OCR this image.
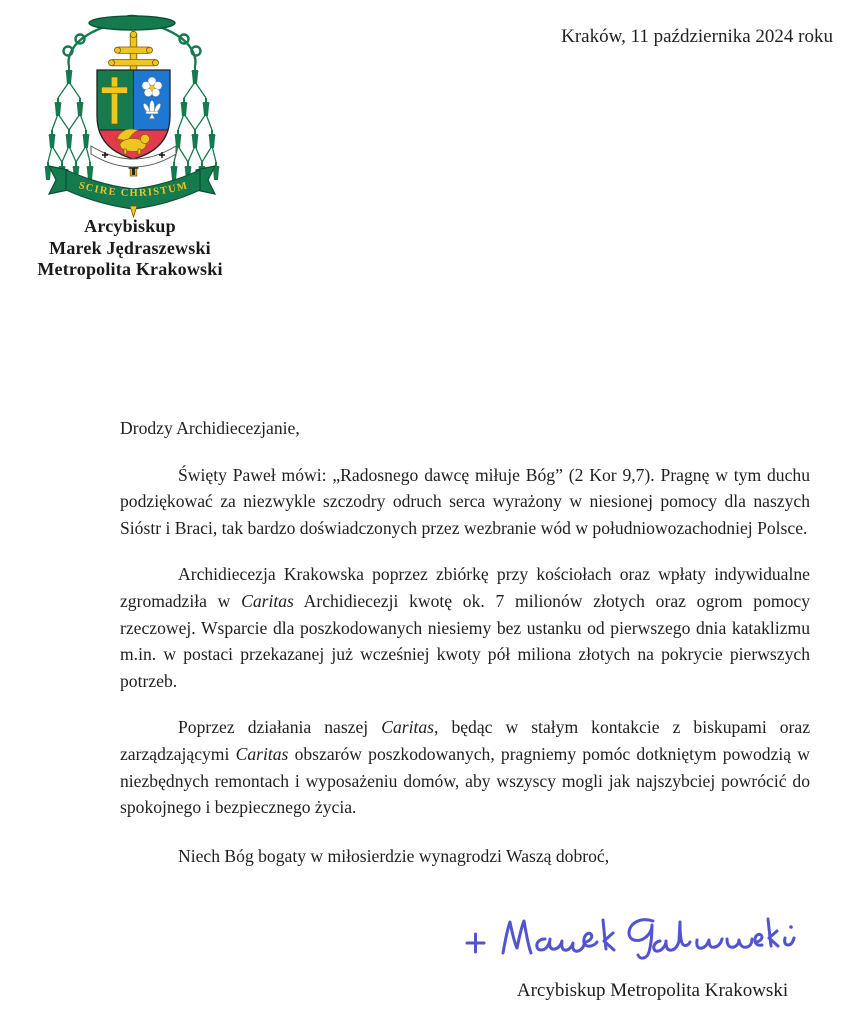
SCIRE CHRISTUM
Arcybiskup
Marek Jędraszewski
Metropolita Krakowski
Kraków, 11 października 2024 roku

Drodzy Archidiecezjanie,

Święty Paweł mówi: „Radosnego dawcę miłuje Bóg” (2 Kor 9,7). Pragnę w tym duchu podziękować za niezwykle szczodry odruch serca wyrażony w niesionej pomocy dla naszych Sióstr i Braci, tak bardzo doświadczonych przez wezbranie wód w południowozachodniej Polsce.

Archidiecezja Krakowska poprzez zbiórkę przy kościołach oraz wpłaty indywidualne zgromadziła w Caritas Archidiecezji kwotę ok. 7 milionów złotych oraz ogrom pomocy rzeczowej. Wsparcie dla poszkodowanych niesiemy bez ustanku od pierwszego dnia kataklizmu m.in. w postaci przekazanej już wcześniej kwoty pół miliona złotych na pokrycie pierwszych potrzeb.

Poprzez działania naszej Caritas, będąc w stałym kontakcie z biskupami oraz zarządzającymi Caritas obszarów poszkodowanych, pragniemy pomóc dotkniętym powodzią w niezbędnych remontach i wyposażeniu domów, aby wszyscy mogli jak najszybciej powrócić do spokojnego i bezpiecznego życia.

Niech Bóg bogaty w miłosierdzie wynagrodzi Waszą dobroć,

Arcybiskup Metropolita Krakowski
